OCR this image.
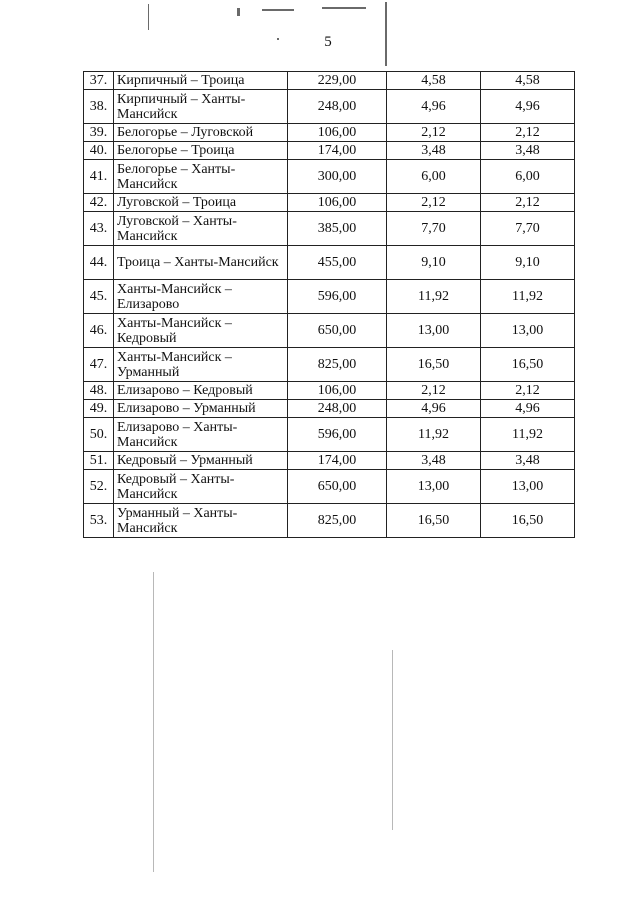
5
37.	Кирпичный – Троица	229,00	4,58	4,58
38.	Кирпичный – Ханты-Мансийск	248,00	4,96	4,96
39.	Белогорье – Луговской	106,00	2,12	2,12
40.	Белогорье – Троица	174,00	3,48	3,48
41.	Белогорье – Ханты-Мансийск	300,00	6,00	6,00
42.	Луговской – Троица	106,00	2,12	2,12
43.	Луговской – Ханты-Мансийск	385,00	7,70	7,70
44.	Троица – Ханты-Мансийск	455,00	9,10	9,10
45.	Ханты-Мансийск – Елизарово	596,00	11,92	11,92
46.	Ханты-Мансийск – Кедровый	650,00	13,00	13,00
47.	Ханты-Мансийск – Урманный	825,00	16,50	16,50
48.	Елизарово – Кедровый	106,00	2,12	2,12
49.	Елизарово – Урманный	248,00	4,96	4,96
50.	Елизарово – Ханты-Мансийск	596,00	11,92	11,92
51.	Кедровый – Урманный	174,00	3,48	3,48
52.	Кедровый – Ханты-Мансийск	650,00	13,00	13,00
53.	Урманный – Ханты-Мансийск	825,00	16,50	16,50
